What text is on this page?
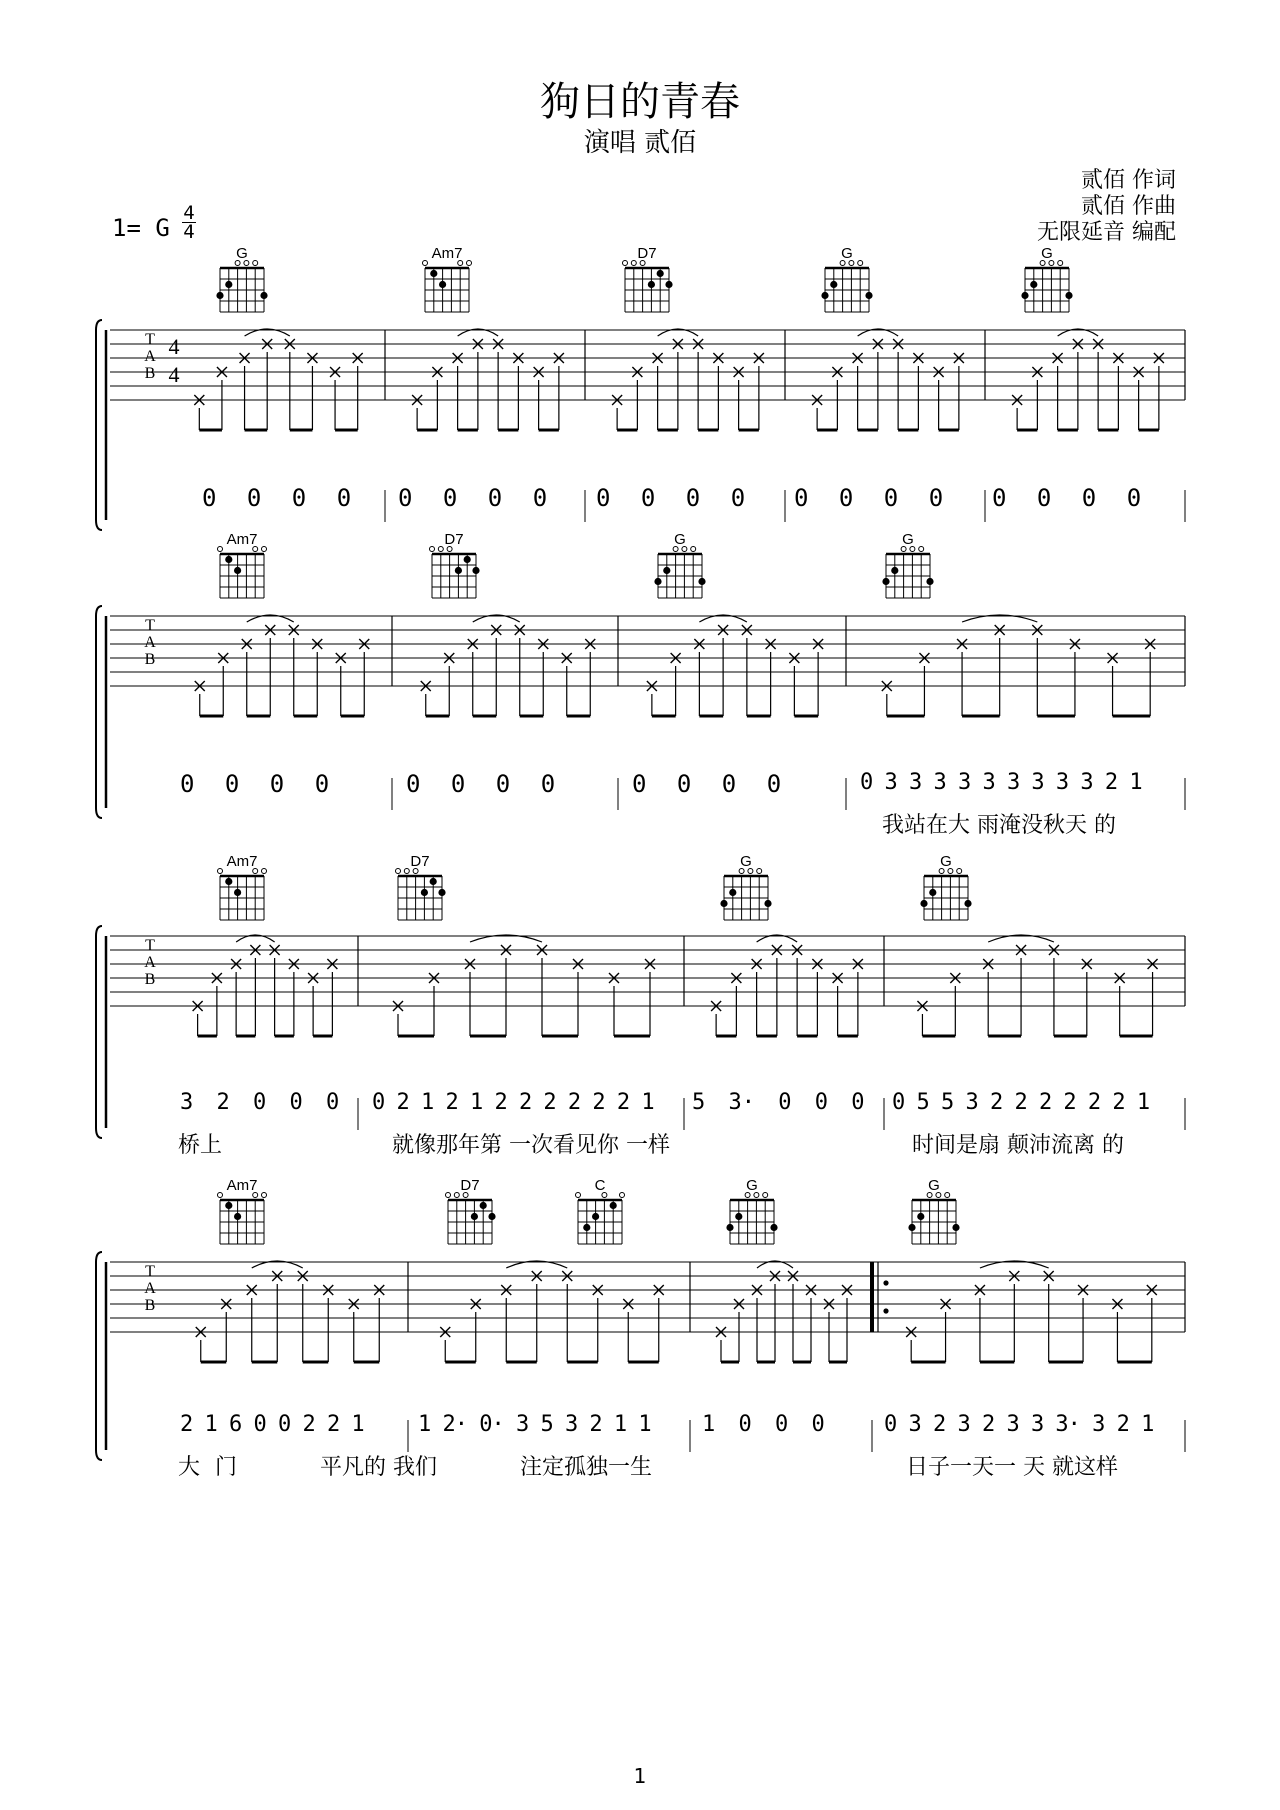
狗日的青春
演唱 贰佰
贰佰 作词
贰佰 作曲
无限延音 编配
1= G
4
4
T
A
B
4
4
G	Am7	D7	G	G
T
A
B
Am7	D7	G	G
T
A
B
Am7	D7	G	G
T
A
B
Am7	D7	C	G	G
0 0 0 0 0 0 0 0 0 0 0 0 0 0 0 0 0 0 0 0
0 0 0 0	0 0 0 0	0 0 0 0	0 3 3 3 3 3 3 3 3 3 2 1
我站在大 雨淹没秋天 的
3 2 0 0 0 0 2 1 2 1 2 2 2 2 2 2 1 5 3· 0 0 0 0 5 5 3 2 2 2 2 2 2 1
桥上	就像那年第 一次看见你 一样	时间是扇 颠沛流离 的
2 1 6 0 0 2 2 1 1 2· 0· 3 5 3 2 1 1 1 0 0 0	0 3 2 3 2 3 3 3· 3 2 1
大 门	平凡的 我们	注定孤独一生	日子一天一 天 就这样
1
